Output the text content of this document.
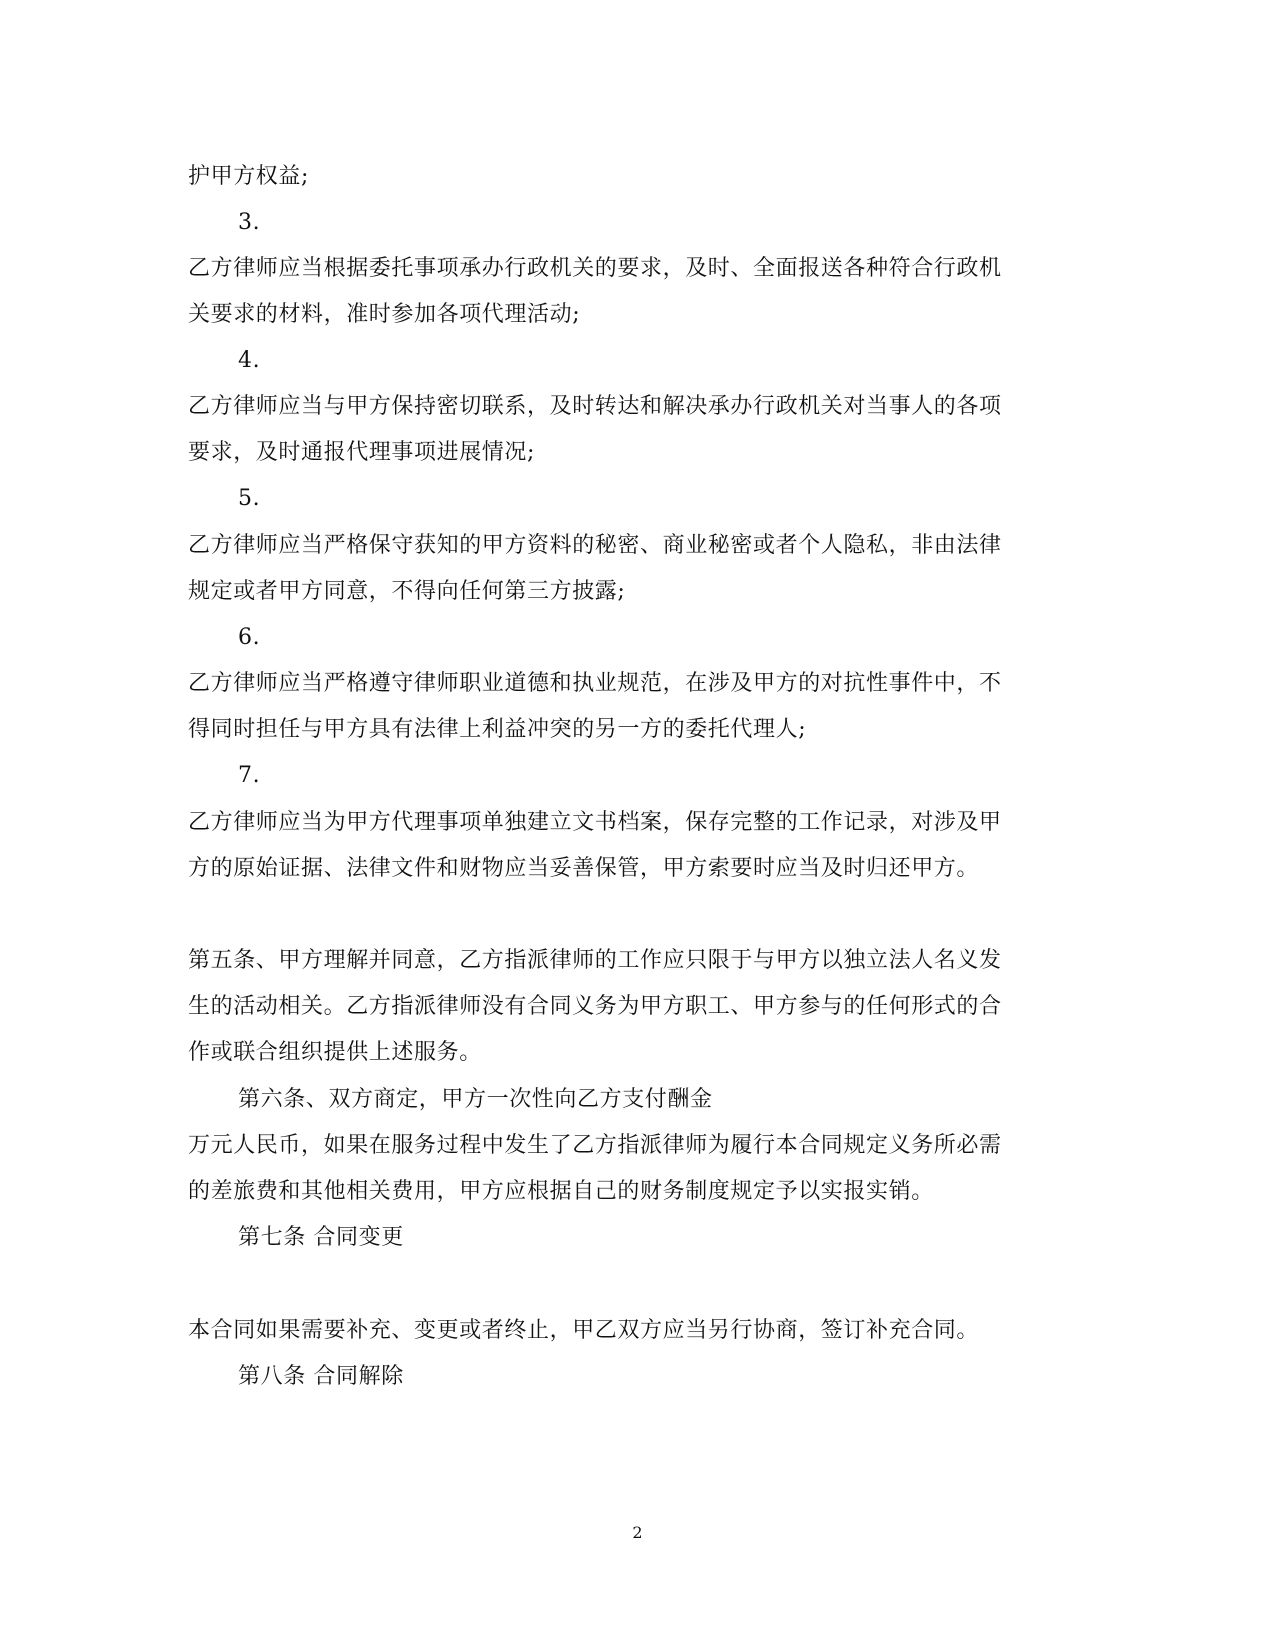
护甲方权益;
3.
乙方律师应当根据委托事项承办行政机关的要求，及时、全面报送各种符合行政机
关要求的材料，准时参加各项代理活动;
4.
乙方律师应当与甲方保持密切联系，及时转达和解决承办行政机关对当事人的各项
要求，及时通报代理事项进展情况;
5.
乙方律师应当严格保守获知的甲方资料的秘密、商业秘密或者个人隐私，非由法律
规定或者甲方同意，不得向任何第三方披露;
6.
乙方律师应当严格遵守律师职业道德和执业规范，在涉及甲方的对抗性事件中，不
得同时担任与甲方具有法律上利益冲突的另一方的委托代理人;
7.
乙方律师应当为甲方代理事项单独建立文书档案，保存完整的工作记录，对涉及甲
方的原始证据、法律文件和财物应当妥善保管，甲方索要时应当及时归还甲方。
第五条、甲方理解并同意，乙方指派律师的工作应只限于与甲方以独立法人名义发
生的活动相关。乙方指派律师没有合同义务为甲方职工、甲方参与的任何形式的合
作或联合组织提供上述服务。
第六条、双方商定，甲方一次性向乙方支付酬金
万元人民币，如果在服务过程中发生了乙方指派律师为履行本合同规定义务所必需
的差旅费和其他相关费用，甲方应根据自己的财务制度规定予以实报实销。
第七条 合同变更
本合同如果需要补充、变更或者终止，甲乙双方应当另行协商，签订补充合同。
第八条 合同解除
2
